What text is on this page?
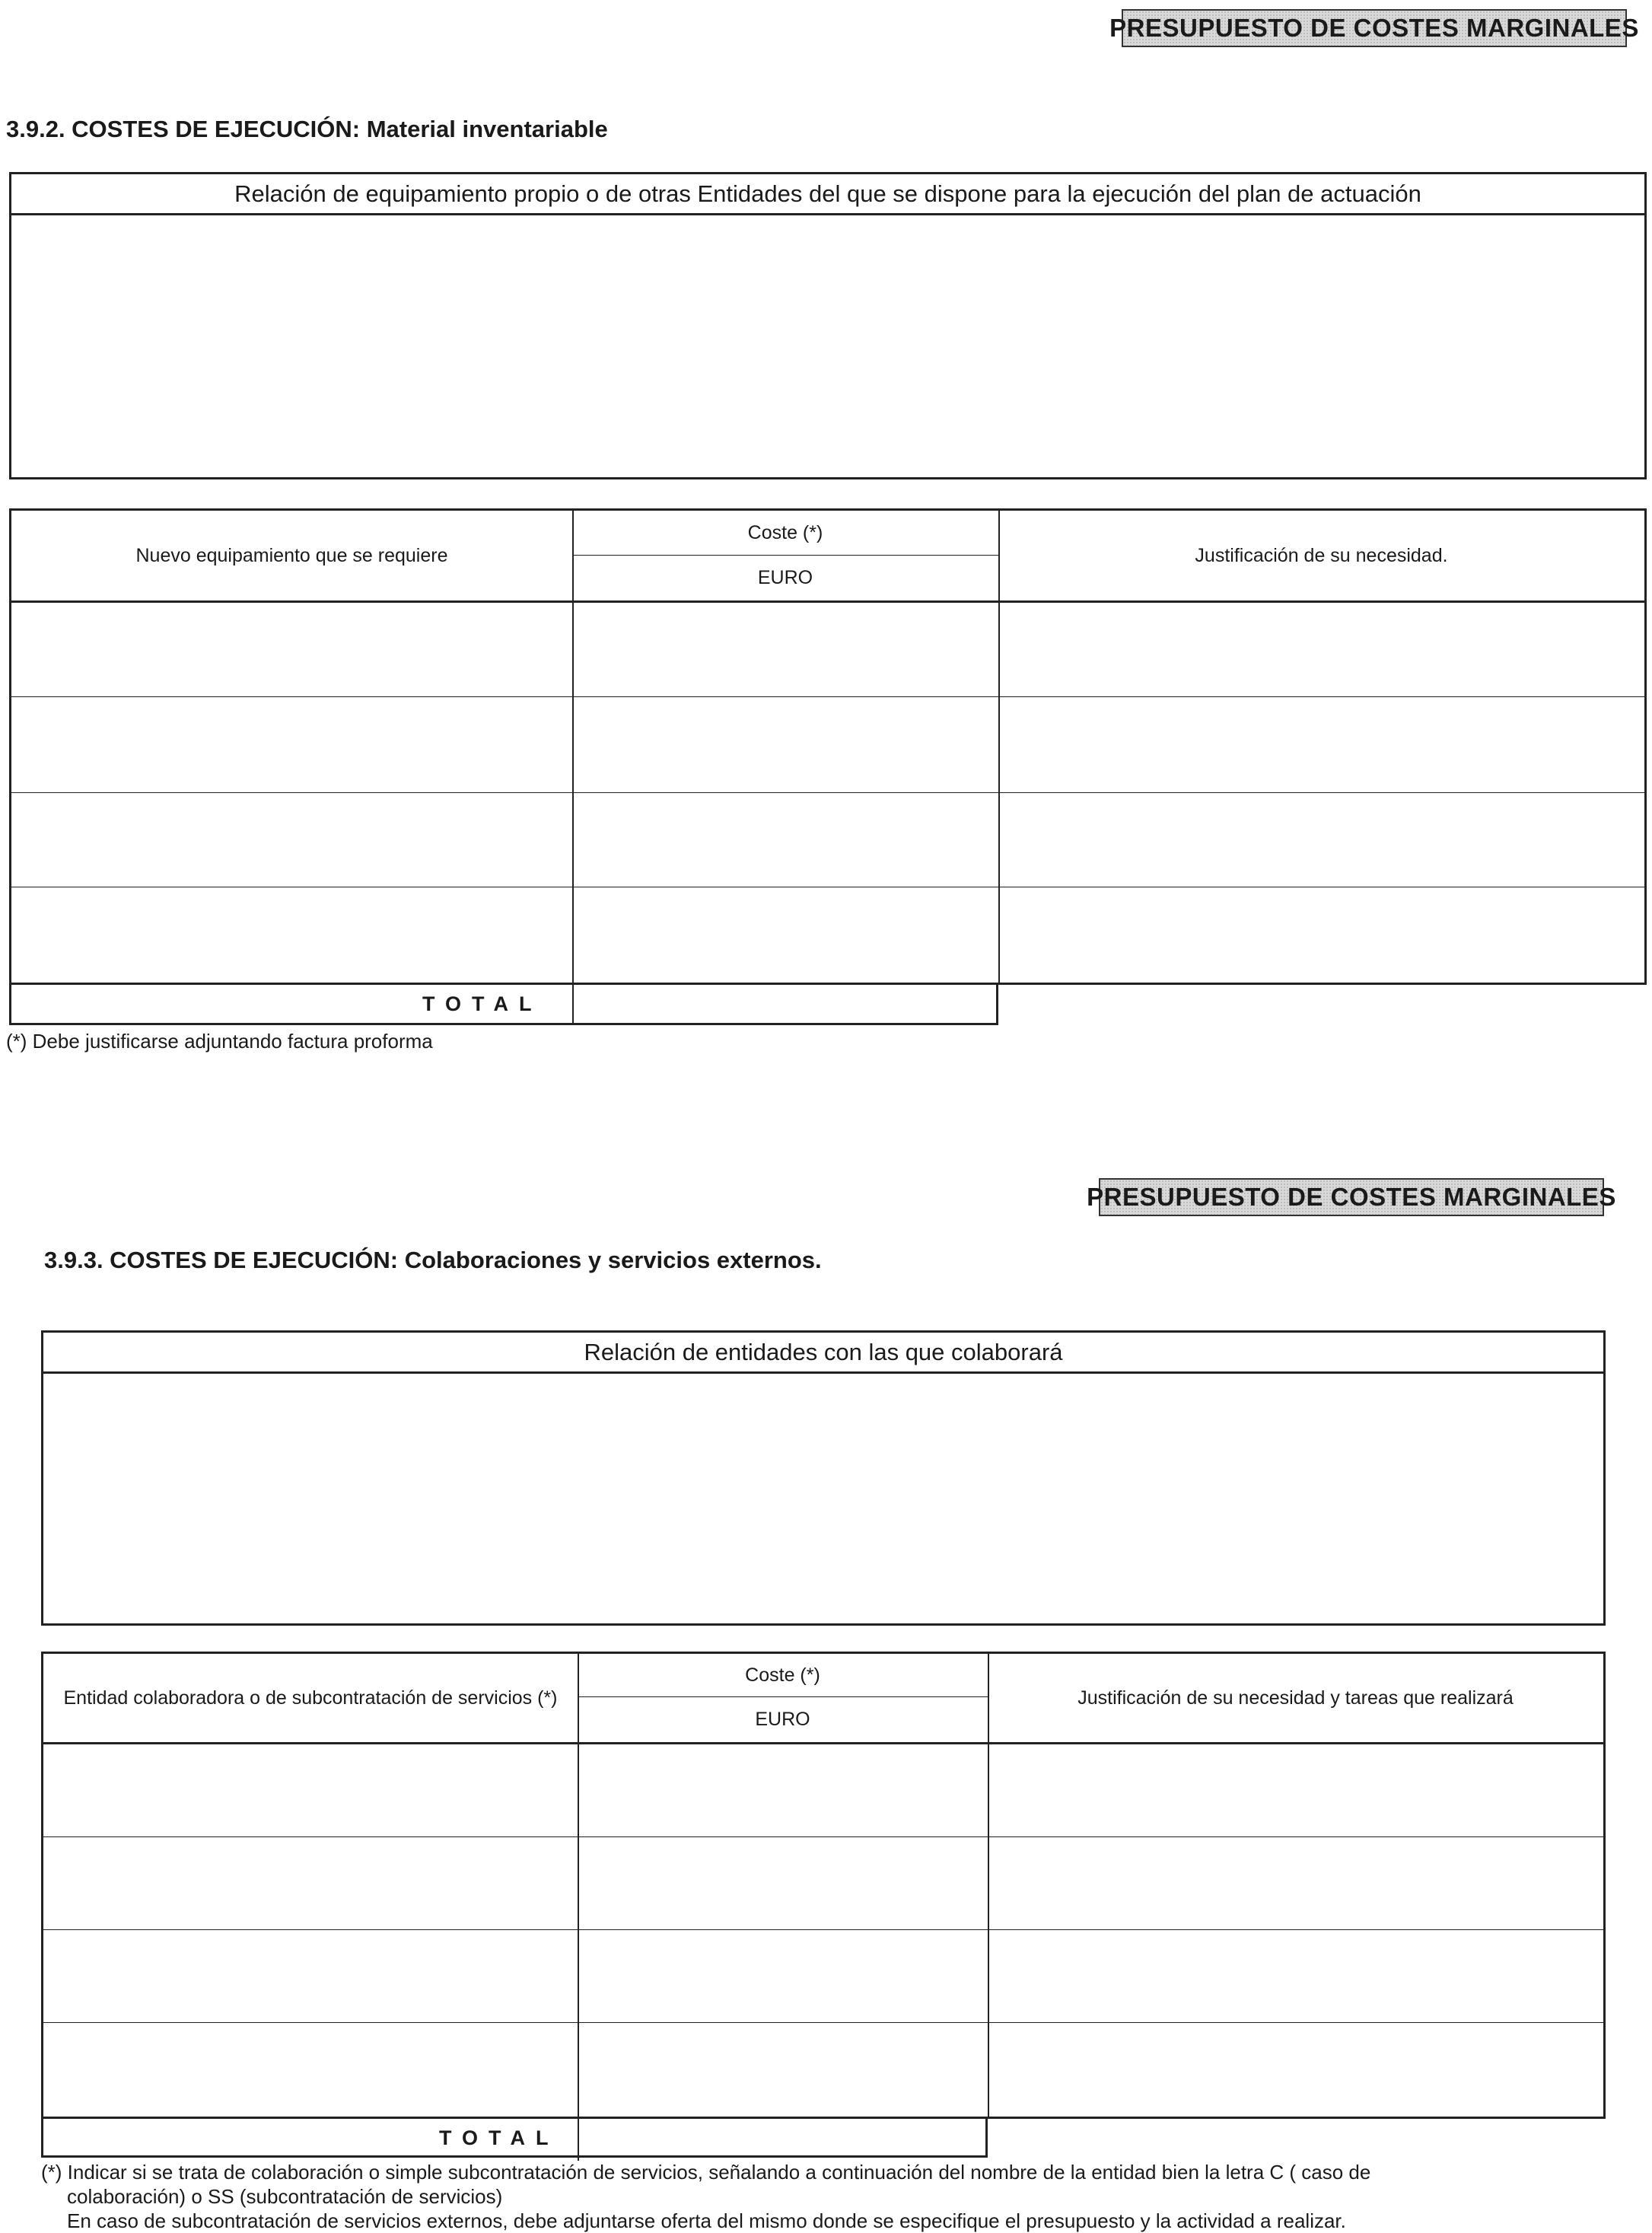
PRESUPUESTO DE COSTES MARGINALES
3.9.2. COSTES DE EJECUCIÓN: Material inventariable
Relación de equipamiento propio o de otras Entidades del que se dispone para la ejecución del plan de actuación
Nuevo equipamiento que se requiere
Coste (*)
EURO
Justificación de su necesidad.
TOTAL
(*) Debe justificarse adjuntando factura proforma
PRESUPUESTO DE COSTES MARGINALES
3.9.3. COSTES DE EJECUCIÓN: Colaboraciones y servicios externos.
Relación de entidades con las que colaborará
Entidad colaboradora o de subcontratación de servicios (*)
Coste (*)
EURO
Justificación de su necesidad y tareas que realizará
TOTAL
(*) Indicar si se trata de colaboración o simple subcontratación de servicios, señalando a continuación del nombre de la entidad bien la letra C ( caso de
colaboración) o SS (subcontratación de servicios)
En caso de subcontratación de servicios externos, debe adjuntarse oferta del mismo donde se especifique el presupuesto y la actividad a realizar.
